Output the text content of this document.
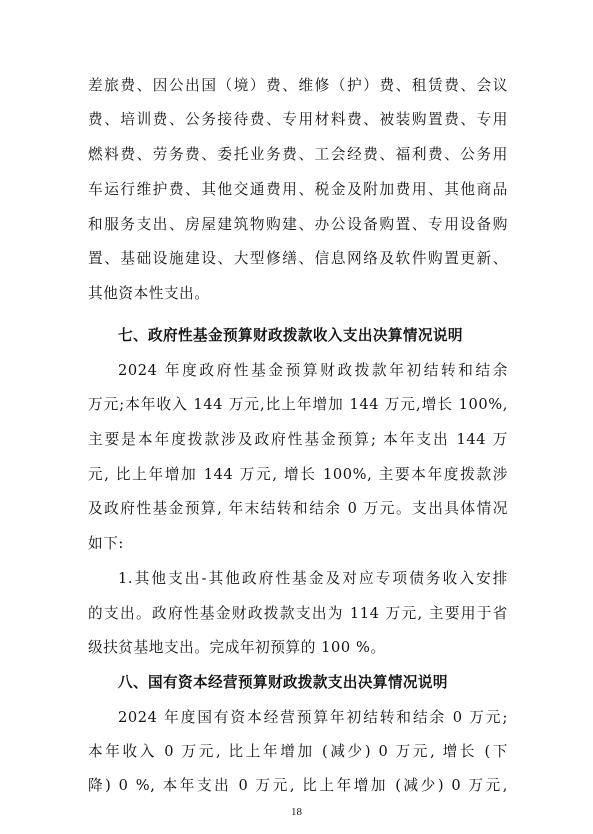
差旅费、因公出国（境）费、维修（护）费、租赁费、会议
费、培训费、公务接待费、专用材料费、被装购置费、专用
燃料费、劳务费、委托业务费、工会经费、福利费、公务用
车运行维护费、其他交通费用、税金及附加费用、其他商品
和服务支出、房屋建筑物购建、办公设备购置、专用设备购
置、基础设施建设、大型修缮、信息网络及软件购置更新、
其他资本性支出。
七、政府性基金预算财政拨款收入支出决算情况说明
2024 年度政府性基金预算财政拨款年初结转和结余
万元;本年收入 144 万元,比上年增加 144 万元,增长 100%,
主要是本年度拨款涉及政府性基金预算; 本年支出 144 万
元, 比上年增加 144 万元, 增长 100%, 主要本年度拨款涉
及政府性基金预算, 年末结转和结余 0 万元。支出具体情况
如下:
1.其他支出-其他政府性基金及对应专项债务收入安排
的支出。政府性基金财政拨款支出为 114 万元, 主要用于省
级扶贫基地支出。完成年初预算的 100 %。
八、国有资本经营预算财政拨款支出决算情况说明
2024 年度国有资本经营预算年初结转和结余 0 万元;
本年收入 0 万元, 比上年增加 (减少) 0 万元, 增长 (下
降) 0 %, 本年支出 0 万元, 比上年增加 (减少) 0 万元,
18
